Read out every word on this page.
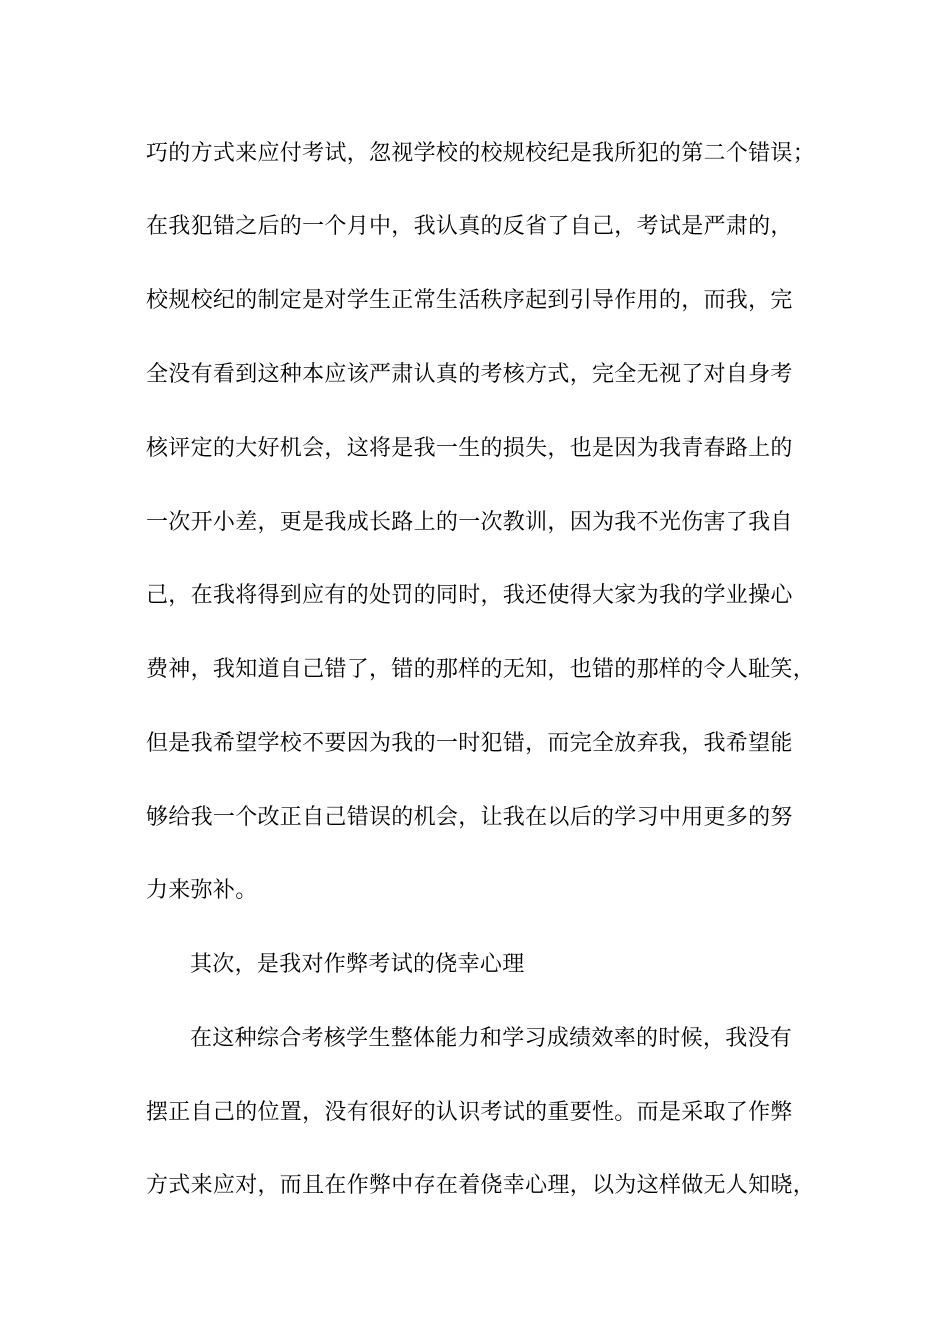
巧的方式来应付考试，忽视学校的校规校纪是我所犯的第二个错误；
在我犯错之后的一个月中，我认真的反省了自己，考试是严肃的，
校规校纪的制定是对学生正常生活秩序起到引导作用的，而我，完
全没有看到这种本应该严肃认真的考核方式，完全无视了对自身考
核评定的大好机会，这将是我一生的损失，也是因为我青春路上的
一次开小差，更是我成长路上的一次教训，因为我不光伤害了我自
己，在我将得到应有的处罚的同时，我还使得大家为我的学业操心
费神，我知道自己错了，错的那样的无知，也错的那样的令人耻笑，
但是我希望学校不要因为我的一时犯错，而完全放弃我，我希望能
够给我一个改正自己错误的机会，让我在以后的学习中用更多的努
力来弥补。
其次，是我对作弊考试的侥幸心理
在这种综合考核学生整体能力和学习成绩效率的时候，我没有
摆正自己的位置，没有很好的认识考试的重要性。而是采取了作弊
方式来应对，而且在作弊中存在着侥幸心理，以为这样做无人知晓，
